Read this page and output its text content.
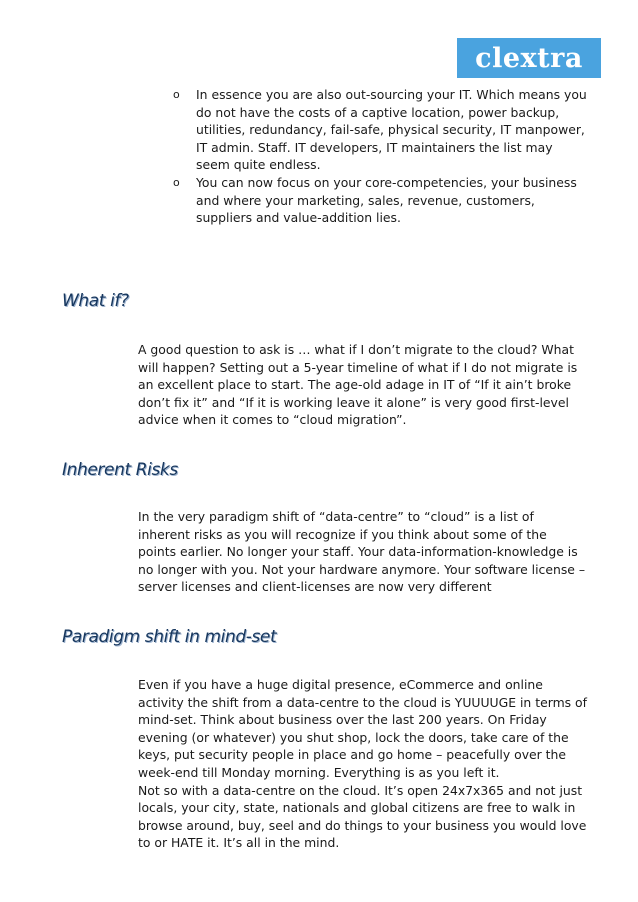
clextra
o In essence you are also out-sourcing your IT. Which means you do not have the costs of a captive location, power backup, utilities, redundancy, fail-safe, physical security, IT manpower, IT admin. Staff. IT developers, IT maintainers the list may seem quite endless.
o You can now focus on your core-competencies, your business and where your marketing, sales, revenue, customers, suppliers and value-addition lies.
What if?

A good question to ask is … what if I don’t migrate to the cloud? What will happen? Setting out a 5-year timeline of what if I do not migrate is an excellent place to start. The age-old adage in IT of “If it ain’t broke don’t fix it” and “If it is working leave it alone” is very good first-level advice when it comes to “cloud migration”.

Inherent Risks

In the very paradigm shift of “data-centre” to “cloud” is a list of inherent risks as you will recognize if you think about some of the points earlier. No longer your staff. Your data-information-knowledge is no longer with you. Not your hardware anymore. Your software license – server licenses and client-licenses are now very different

Paradigm shift in mind-set

Even if you have a huge digital presence, eCommerce and online activity the shift from a data-centre to the cloud is YUUUUGE in terms of mind-set. Think about business over the last 200 years. On Friday evening (or whatever) you shut shop, lock the doors, take care of the keys, put security people in place and go home – peacefully over the week-end till Monday morning. Everything is as you left it.
Not so with a data-centre on the cloud. It’s open 24x7x365 and not just locals, your city, state, nationals and global citizens are free to walk in browse around, buy, seel and do things to your business you would love to or HATE it. It’s all in the mind.
